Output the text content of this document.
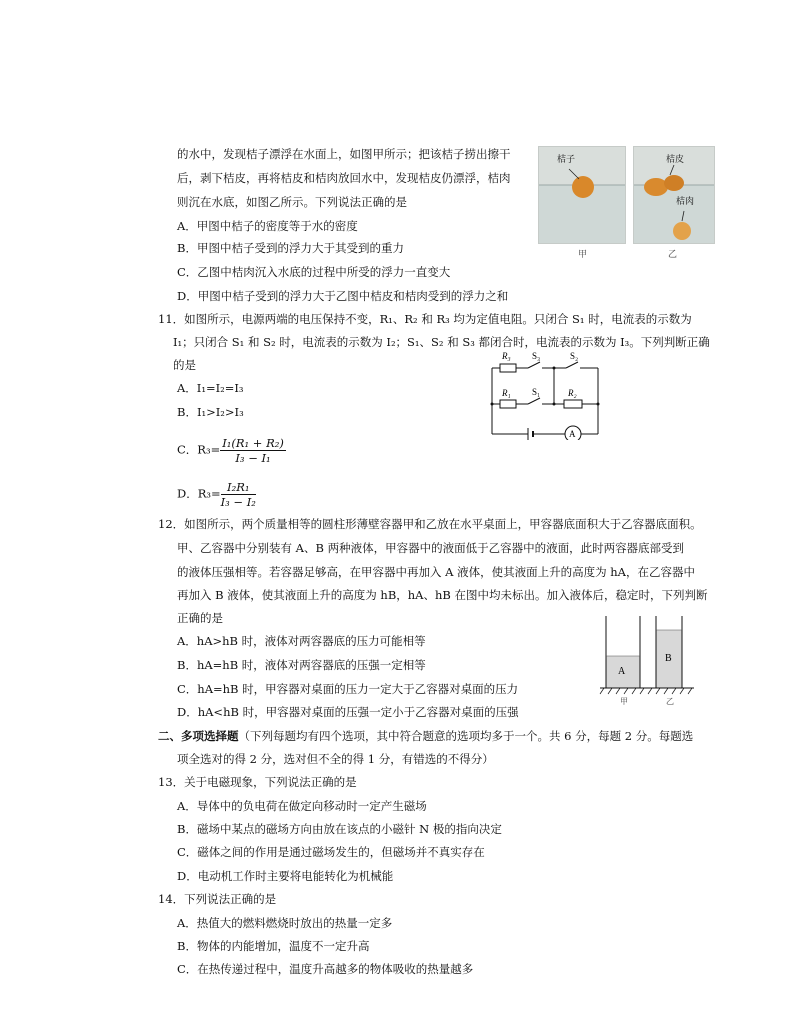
的水中，发现桔子漂浮在水面上，如图甲所示；把该桔子捞出擦干
后，剥下桔皮，再将桔皮和桔肉放回水中，发现桔皮仍漂浮，桔肉
则沉在水底，如图乙所示。下列说法正确的是
A．甲图中桔子的密度等于水的密度
B．甲图中桔子受到的浮力大于其受到的重力
C．乙图中桔肉沉入水底的过程中所受的浮力一直变大
D．甲图中桔子受到的浮力大于乙图中桔皮和桔肉受到的浮力之和
桔子	桔皮
桔肉
甲	乙
11．如图所示，电源两端的电压保持不变，R₁、R₂ 和 R₃ 均为定值电阻。只闭合 S₁ 时，电流表的示数为
I₁；只闭合 S₁ 和 S₂ 时，电流表的示数为 I₂；S₁、S₂ 和 S₃ 都闭合时，电流表的示数为 I₃。下列判断正确
的是
A．I₁=I₂=I₃
B．I₁>I₂>I₃
C．$R_3= \frac{\text{I₁(R₁ + R₂)}}{\text{I₃ − I₁}}$
D．$R_3= \frac{\text{I₂R₁}}{\text{I₃ − I₂}}$
R₃ S₃	S₂
R₁ S₁	R₂
A
12．如图所示，两个质量相等的圆柱形薄壁容器甲和乙放在水平桌面上，甲容器底面积大于乙容器底面积。
甲、乙容器中分别装有 A、B 两种液体，甲容器中的液面低于乙容器中的液面，此时两容器底部受到
的液体压强相等。若容器足够高，在甲容器中再加入 A 液体，使其液面上升的高度为 hA，在乙容器中
再加入 B 液体，使其液面上升的高度为 hB，hA、hB 在图中均未标出。加入液体后，稳定时，下列判断
正确的是
A．hA>hB 时，液体对两容器底的压力可能相等
B．hA=hB 时，液体对两容器底的压强一定相等
C．hA=hB 时，甲容器对桌面的压力一定大于乙容器对桌面的压力
D．hA<hB 时，甲容器对桌面的压强一定小于乙容器对桌面的压强
A
B
甲	乙
二、多项选择题（下列每题均有四个选项，其中符合题意的选项均多于一个。共 6 分，每题 2 分。每题选
项全选对的得 2 分，选对但不全的得 1 分，有错选的不得分）
13．关于电磁现象，下列说法正确的是
A．导体中的负电荷在做定向移动时一定产生磁场
B．磁场中某点的磁场方向由放在该点的小磁针 N 极的指向决定
C．磁体之间的作用是通过磁场发生的，但磁场并不真实存在
D．电动机工作时主要将电能转化为机械能
14．下列说法正确的是
A．热值大的燃料燃烧时放出的热量一定多
B．物体的内能增加，温度不一定升高
C．在热传递过程中，温度升高越多的物体吸收的热量越多
